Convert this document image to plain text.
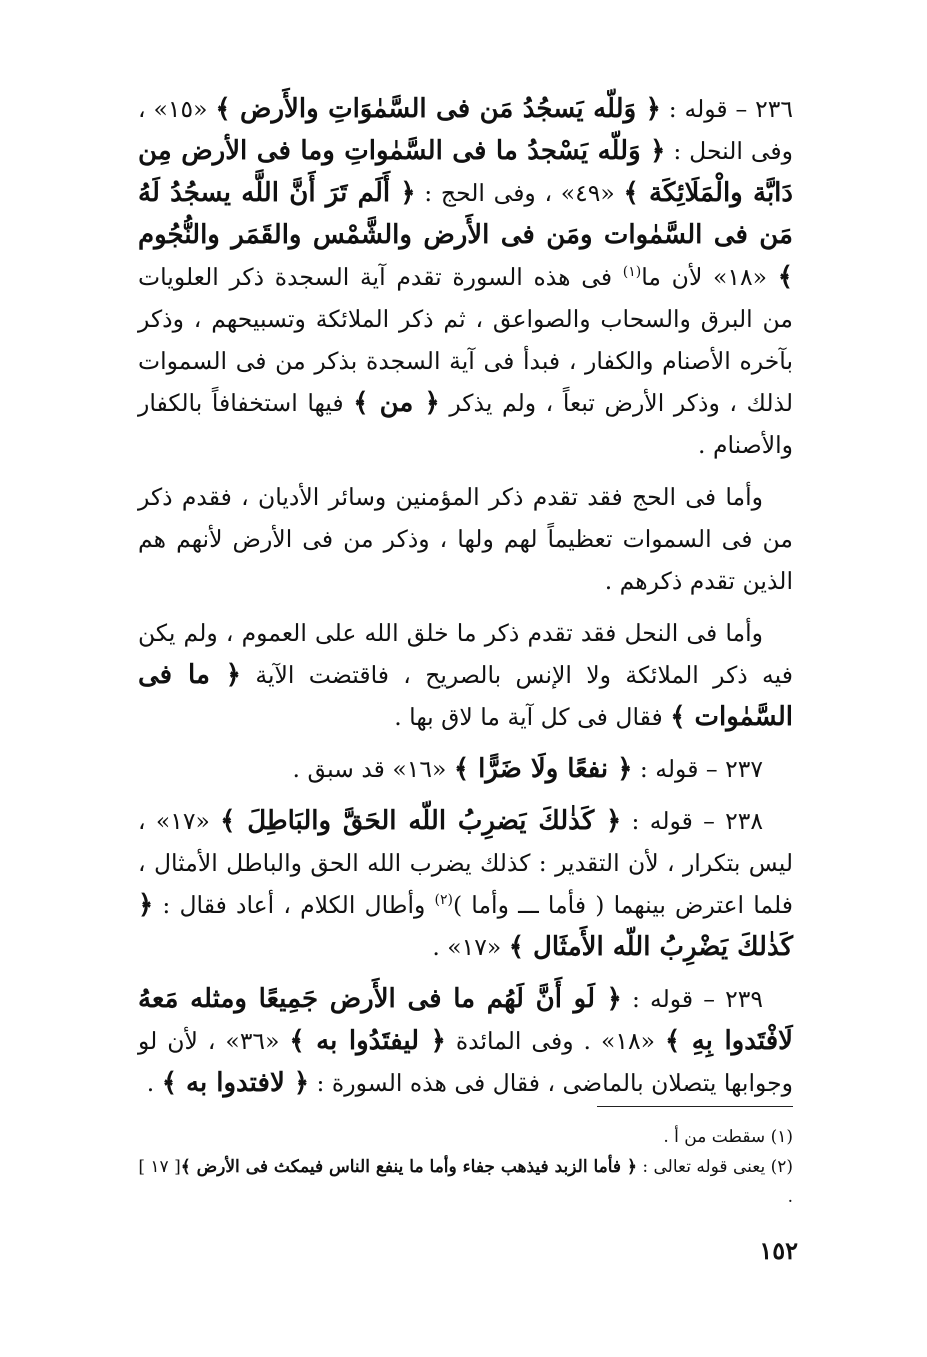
٢٣٦ – قوله : ﴿ وَللّه يَسجُدُ مَن فى السَّمٰوَاتِ والأَرض ﴾ «١٥» ، وفى النحل : ﴿ وَللّه يَسْجدُ ما فى السَّمٰواتِ وما فى الأرض مِن دَابَّة والْمَلَائِكَة ﴾ «٤٩» ، وفى الحج : ﴿ أَلَم تَرَ أَنَّ اللَّه يسجُدُ لَهُ مَن فى السَّمٰوات ومَن فى الأَرض والشَّمْس والقَمَر والنُّجُوم ﴾ «١٨» لأن ما$^{(١)}$ فى هذه السورة تقدم آية السجدة ذكر العلويات من البرق والسحاب والصواعق ، ثم ذكر الملائكة وتسبيحهم ، وذكر بآخره الأصنام والكفار ، فبدأ فى آية السجدة بذكر من فى السموات لذلك ، وذكر الأرض تبعاً ، ولم يذكر ﴿ من ﴾ فيها استخفافاً بالكفار والأصنام .

وأما فى الحج فقد تقدم ذكر المؤمنين وسائر الأديان ، فقدم ذكر من فى السموات تعظيماً لهم ولها ، وذكر من فى الأرض لأنهم هم الذين تقدم ذكرهم .

وأما فى النحل فقد تقدم ذكر ما خلق الله على العموم ، ولم يكن فيه ذكر الملائكة ولا الإنس بالصريح ، فاقتضت الآية ﴿ ما فى السَّمٰوات ﴾ فقال فى كل آية ما لاق بها .

٢٣٧ – قوله : ﴿ نفعًا ولَا ضَرًّا ﴾ «١٦» قد سبق .

٢٣٨ – قوله : ﴿ كَذٰلكَ يَضرِبُ اللّه الحَقَّ والبَاطِلَ ﴾ «١٧» ، ليس بتكرار ، لأن التقدير : كذلك يضرب الله الحق والباطل الأمثال ، فلما اعترض بينهما ( فأما ـــ وأما )$^{(٢)}$ وأطال الكلام ، أعاد فقال : ﴿ كَذٰلكَ يَضْرِبُ اللّه الأَمثَال ﴾ «١٧» .

٢٣٩ – قوله : ﴿ لَو أَنَّ لَهُم ما فى الأَرض جَمِيعًا ومثله مَعهُ لَافْتَدوا بِهِ ﴾ «١٨» . وفى المائدة ﴿ ليفتَدُوا به ﴾ «٣٦» ، لأن لو وجوابها يتصلان بالماضى ، فقال فى هذه السورة : ﴿ لافتدوا به ﴾ .

(١) سقطت من أ .

(٢) يعنى قوله تعالى : ﴿ فأما الزبد فيذهب جفاء وأما ما ينفع الناس فيمكث فى الأرض ﴾[ ١٧ ] .

١٥٢
